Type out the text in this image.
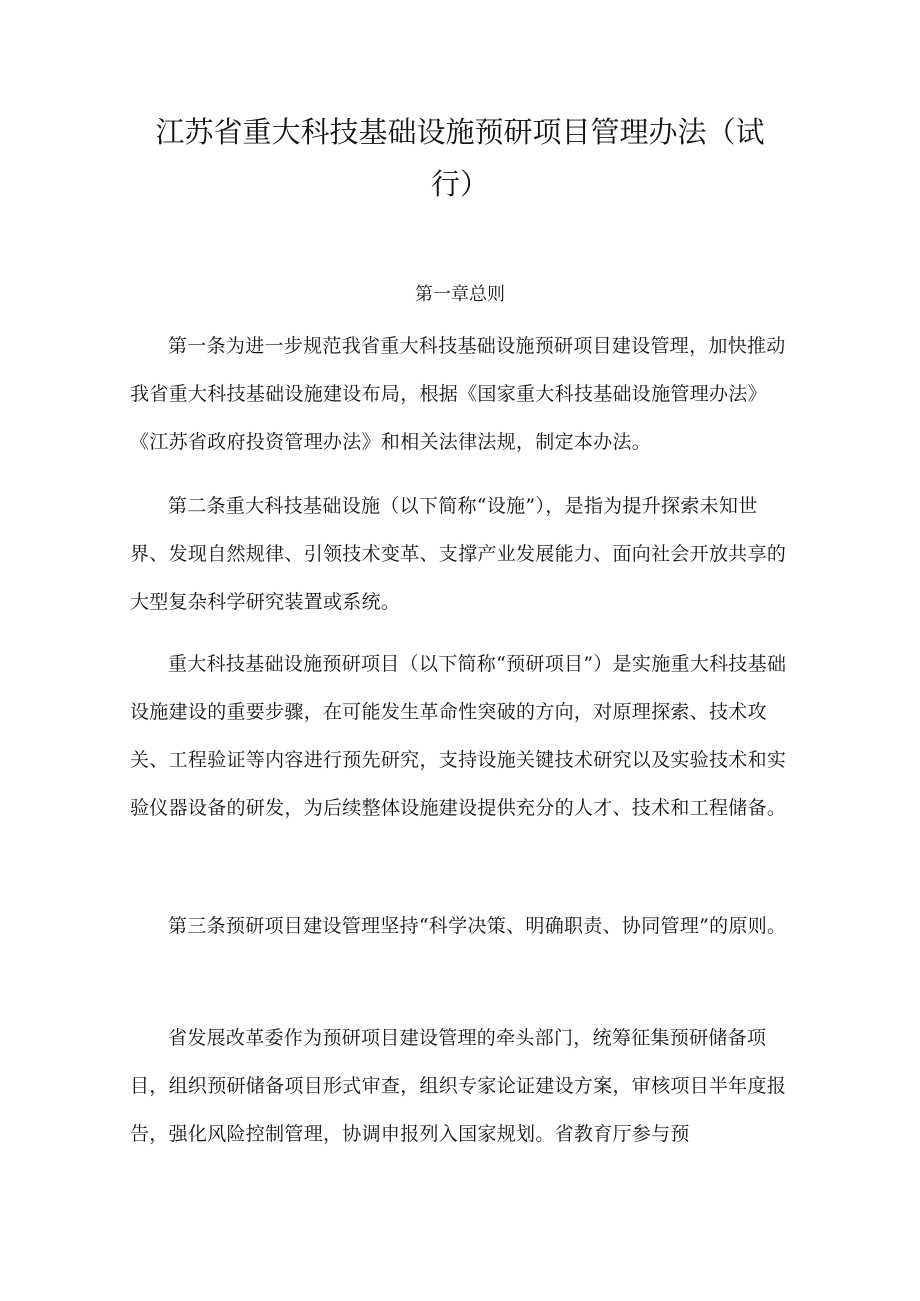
江苏省重大科技基础设施预研项目管理办法（试
行）
第一章总则

第一条为进一步规范我省重大科技基础设施预研项目建设管理，加快推动我省重大科技基础设施建设布局，根据《国家重大科技基础设施管理办法》《江苏省政府投资管理办法》和相关法律法规，制定本办法。

第二条重大科技基础设施（以下简称“设施”），是指为提升探索未知世界、发现自然规律、引领技术变革、支撑产业发展能力、面向社会开放共享的大型复杂科学研究装置或系统。

重大科技基础设施预研项目（以下简称“预研项目”）是实施重大科技基础设施建设的重要步骤，在可能发生革命性突破的方向，对原理探索、技术攻关、工程验证等内容进行预先研究，支持设施关键技术研究以及实验技术和实验仪器设备的研发，为后续整体设施建设提供充分的人才、技术和工程储备。

第三条预研项目建设管理坚持“科学决策、明确职责、协同管理”的原则。

省发展改革委作为预研项目建设管理的牵头部门，统筹征集预研储备项目，组织预研储备项目形式审查，组织专家论证建设方案，审核项目半年度报告，强化风险控制管理，协调申报列入国家规划。省教育厅参与预
